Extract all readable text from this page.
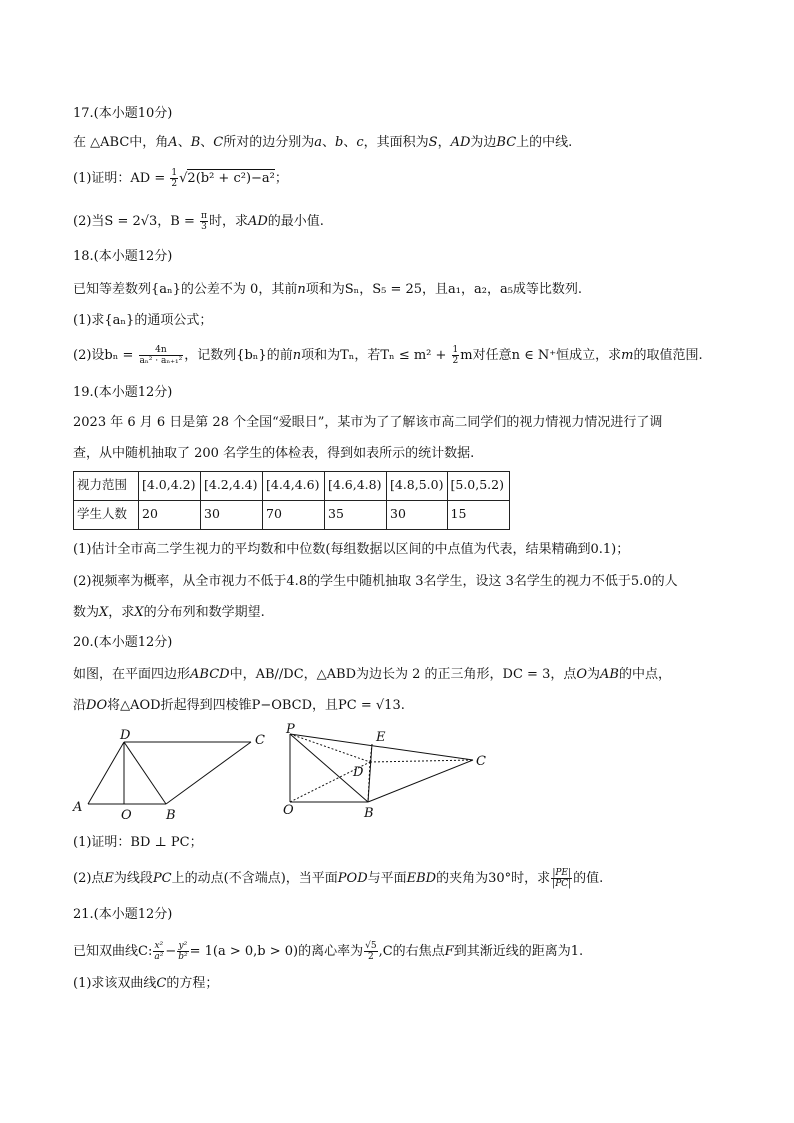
17.(本小题10分)
在 △ABC中，角A、B、C所对的边分别为a、b、c，其面积为S，AD为边BC上的中线.
(1)证明：AD = $\frac{1}{2} √2(b^2 + c^2)-a^2$；
(2)当S = 2√3，$B = \frac{\pi}{3}$ 时，求AD的最小值.
18.(本小题12分)
已知等差数列{aₙ}的公差不为 0，其前n项和为Sₙ，S₅ = 25，且a₁，a₂，a₅成等比数列.
(1)求{aₙ}的通项公式；
(2)设$b_n = \frac{4n}{\text{aₙ² · aₙ₊₁²}}$ ，记数列{bₙ}的前n项和为Tₙ，若$T_n \le m^2 + \frac{1}{2}$ m对任意n ∈ N⁺恒成立，求m的取值范围.
19.(本小题12分)
2023 年 6 月 6 日是第 28 个全国“爱眼日”，某市为了了解该市高二同学们的视力情视力情况进行了调
查，从中随机抽取了 200 名学生的体检表，得到如表所示的统计数据.
视力范围	[4.0,4.2)	[4.2,4.4)	[4.4,4.6)	[4.6,4.8)	[4.8,5.0)	[5.0,5.2)
学生人数	20	30	70	35	30	15
(1)估计全市高二学生视力的平均数和中位数(每组数据以区间的中点值为代表，结果精确到0.1)；
(2)视频率为概率，从全市视力不低于4.8的学生中随机抽取 3名学生，设这 3名学生的视力不低于5.0的人
数为X，求X的分布列和数学期望.
20.(本小题12分)
如图，在平面四边形ABCD中，AB//DC，△ABD为边长为 2 的正三角形，DC = 3，点O为AB的中点，
沿DO将△AOD折起得到四棱锥P−OBCD，且PC = √13.
D	C
A
O	B
P
E
D
C
O	B
(1)证明：BD ⊥ PC；
(2)点E为线段PC上的动点(不含端点)，当平面POD与平面EBD的夹角为30°时，求 $\frac{|PE|}{|PC|}$ 的值.
21.(本小题12分)
已知双曲线C: $\frac{\text{x²}}{\text{a²}} - \frac{\text{y²}}{\text{b²}} = 1(a > 0,b > 0)$的离心率为 $\frac{√5}{2} ,C$的右焦点F到其渐近线的距离为1.
(1)求该双曲线C的方程；
